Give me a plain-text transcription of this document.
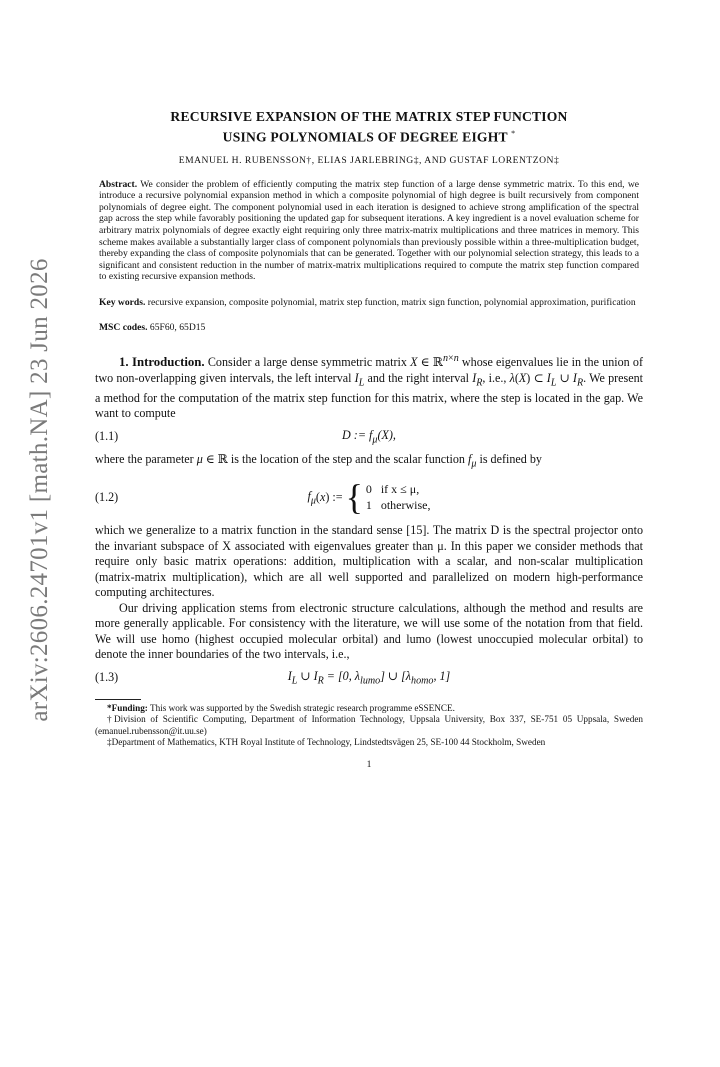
arXiv:2606.24701v1 [math.NA] 23 Jun 2026
RECURSIVE EXPANSION OF THE MATRIX STEP FUNCTION
USING POLYNOMIALS OF DEGREE EIGHT *
EMANUEL H. RUBENSSON†, ELIAS JARLEBRING‡, AND GUSTAF LORENTZON‡
Abstract. We consider the problem of efficiently computing the matrix step function of a large dense symmetric matrix. To this end, we introduce a recursive polynomial expansion method in which a composite polynomial of high degree is built recursively from component polynomials of degree eight. The component polynomial used in each iteration is designed to achieve strong amplification of the spectral gap across the step while favorably positioning the updated gap for subsequent iterations. A key ingredient is a novel evaluation scheme for arbitrary matrix polynomials of degree exactly eight requiring only three matrix-matrix multiplications and three matrices in memory. This scheme makes available a substantially larger class of component polynomials than previously possible within a three-multiplication budget, thereby expanding the class of composite polynomials that can be generated. Together with our polynomial selection strategy, this leads to a significant and consistent reduction in the number of matrix-matrix multiplications required to compute the matrix step function compared to existing recursive expansion methods.
Key words. recursive expansion, composite polynomial, matrix step function, matrix sign function, polynomial approximation, purification
MSC codes. 65F60, 65D15
1. Introduction. Consider a large dense symmetric matrix X ∈ ℝ$^{n\times n}$ whose eigenvalues lie in the union of two non-overlapping given intervals, the left interval $I_L$ and the right interval $I_R$, i.e., λ(X) ⊂ $I_L$ ∪ $I_R$. We present a method for the computation of the matrix step function for this matrix, where the step is located in the gap. We want to compute
(1.1)	D := $f_\mu(X)$,
where the parameter μ ∈ ℝ is the location of the step and the scalar function $f_\mu$ is defined by
(1.2)	$f_\mu$ ( x ) := { 0 if x ≤ μ,
1 otherwise,
which we generalize to a matrix function in the standard sense [15]. The matrix D is the spectral projector onto the invariant subspace of X associated with eigenvalues greater than μ. In this paper we consider methods that require only basic matrix operations: addition, multiplication with a scalar, and non-scalar multiplication (matrix-matrix multiplication), which are all well supported and parallelized on modern high-performance computing architectures.
Our driving application stems from electronic structure calculations, although the method and results are more generally applicable. For consistency with the literature, we will use some of the notation from that field. We will use homo (highest occupied molecular orbital) and lumo (lowest unoccupied molecular orbital) to denote the inner boundaries of the two intervals, i.e.,
(1.3)	$I_L$ ∪ $I_R = [0$, $\lambda_{lumo}$] ∪ [$\lambda_{homo}$, 1]

*Funding: This work was supported by the Swedish strategic research programme eSSENCE.

†Division of Scientific Computing, Department of Information Technology, Uppsala University, Box 337, SE-751 05 Uppsala, Sweden (emanuel.rubensson@it.uu.se)

‡Department of Mathematics, KTH Royal Institute of Technology, Lindstedtsvägen 25, SE-100 44 Stockholm, Sweden

1
